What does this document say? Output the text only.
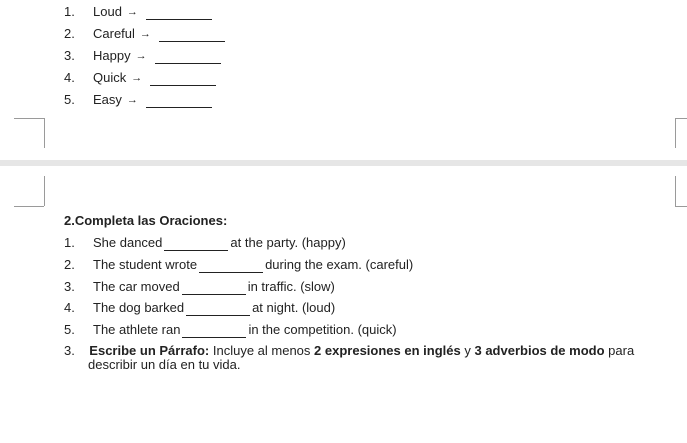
1. Loud →
2. Careful →
3. Happy →
4. Quick →
5. Easy →
2.Completa las Oraciones:
1. She danced	at the party. (happy)
2. The student wrote	during the exam. (careful)
3. The car moved	in traffic. (slow)
4. The dog barked	at night. (loud)
5. The athlete ran	in the competition. (quick)
3. Escribe un Párrafo: Incluye al menos 2 expresiones en inglés y 3 adverbios de modo para
describir un día en tu vida.
